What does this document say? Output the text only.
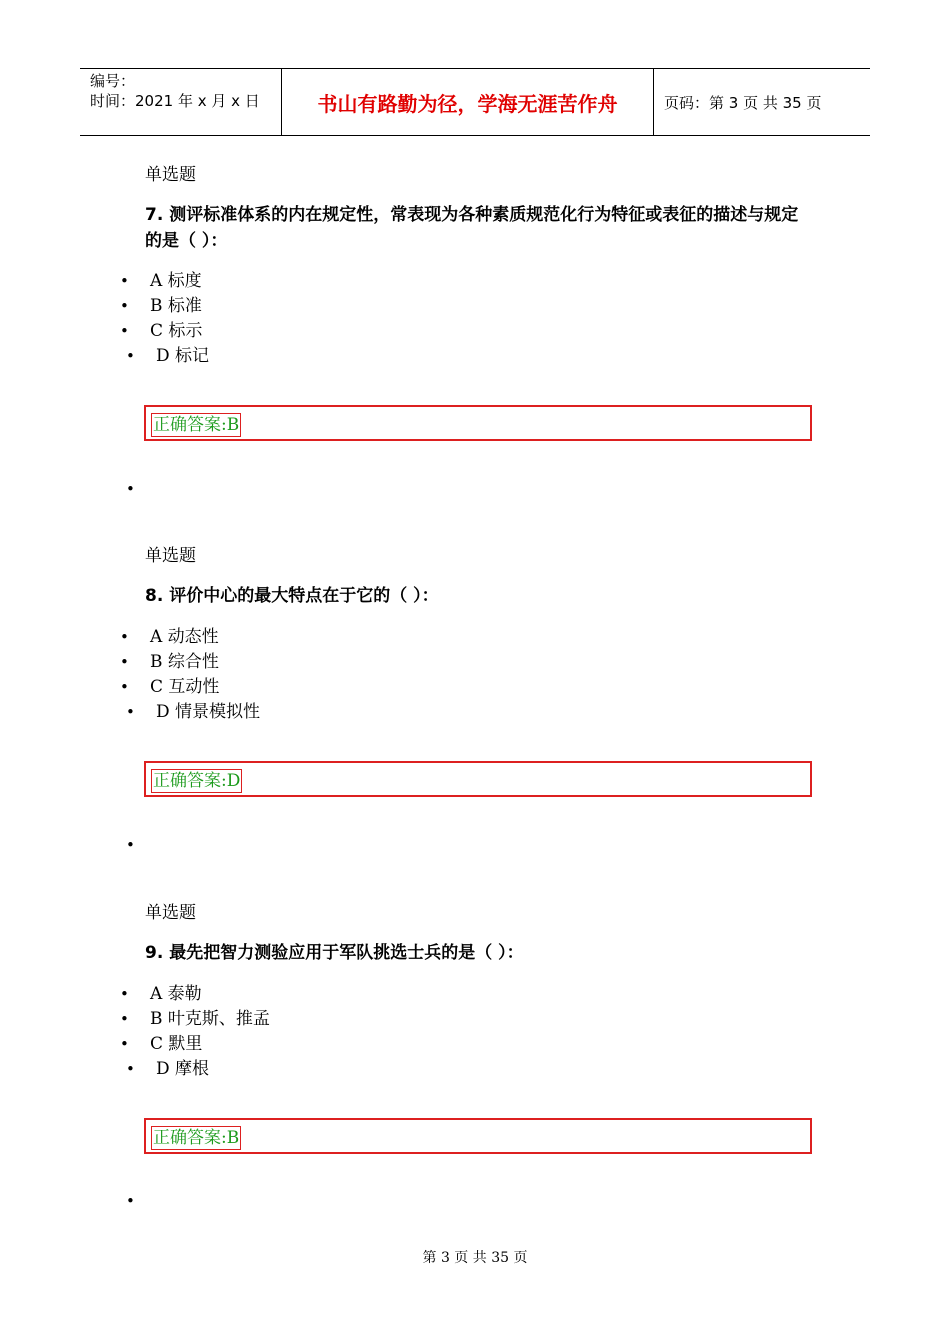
编号：
时间：2021 年 x 月 x 日	书山有路勤为径，学海无涯苦作舟	页码：第 3 页 共 35 页
单选题
7. 测评标准体系的内在规定性，常表现为各种素质规范化行为特征或表征的描述与规定的是（ ）：
• A 标度
• B 标准
• C 标示
• D 标记
正确答案:B
•
单选题
8. 评价中心的最大特点在于它的（ ）：
• A 动态性
• B 综合性
• C 互动性
• D 情景模拟性
正确答案:D
•
单选题
9. 最先把智力测验应用于军队挑选士兵的是（ ）：
• A 泰勒
• B 叶克斯、推孟
• C 默里
• D 摩根
正确答案:B
•
第 3 页 共 35 页
